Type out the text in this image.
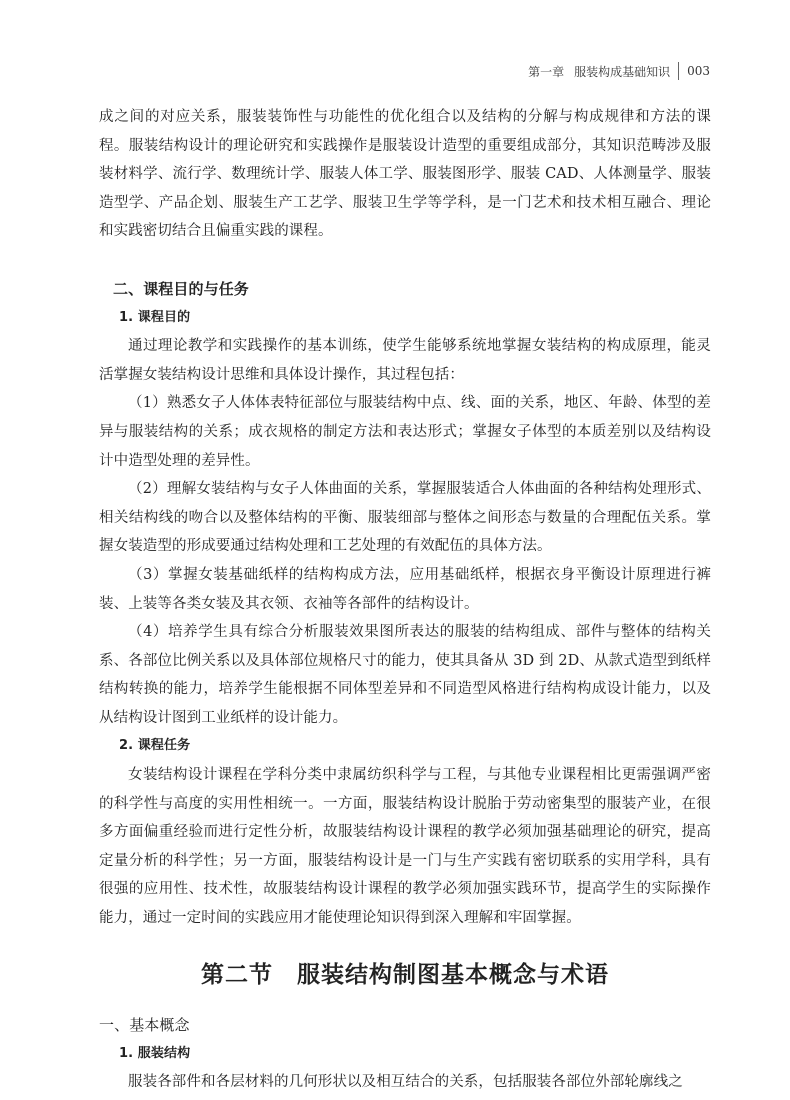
第一章 服装构成基础知识 003

成之间的对应关系，服装装饰性与功能性的优化组合以及结构的分解与构成规律和方法的课程。服装结构设计的理论研究和实践操作是服装设计造型的重要组成部分，其知识范畴涉及服装材料学、流行学、数理统计学、服装人体工学、服装图形学、服装 CAD、人体测量学、服装造型学、产品企划、服装生产工艺学、服装卫生学等学科，是一门艺术和技术相互融合、理论和实践密切结合且偏重实践的课程。

二、课程目的与任务

1. 课程目的

通过理论教学和实践操作的基本训练，使学生能够系统地掌握女装结构的构成原理，能灵活掌握女装结构设计思维和具体设计操作，其过程包括：

（1）熟悉女子人体体表特征部位与服装结构中点、线、面的关系，地区、年龄、体型的差异与服装结构的关系；成衣规格的制定方法和表达形式；掌握女子体型的本质差别以及结构设计中造型处理的差异性。

（2）理解女装结构与女子人体曲面的关系，掌握服装适合人体曲面的各种结构处理形式、相关结构线的吻合以及整体结构的平衡、服装细部与整体之间形态与数量的合理配伍关系。掌握女装造型的形成要通过结构处理和工艺处理的有效配伍的具体方法。

（3）掌握女装基础纸样的结构构成方法，应用基础纸样，根据衣身平衡设计原理进行裤装、上装等各类女装及其衣领、衣袖等各部件的结构设计。

（4）培养学生具有综合分析服装效果图所表达的服装的结构组成、部件与整体的结构关系、各部位比例关系以及具体部位规格尺寸的能力，使其具备从 3D 到 2D、从款式造型到纸样结构转换的能力，培养学生能根据不同体型差异和不同造型风格进行结构构成设计能力，以及从结构设计图到工业纸样的设计能力。

2. 课程任务

女装结构设计课程在学科分类中隶属纺织科学与工程，与其他专业课程相比更需强调严密的科学性与高度的实用性相统一。一方面，服装结构设计脱胎于劳动密集型的服装产业，在很多方面偏重经验而进行定性分析，故服装结构设计课程的教学必须加强基础理论的研究，提高定量分析的科学性；另一方面，服装结构设计是一门与生产实践有密切联系的实用学科，具有很强的应用性、技术性，故服装结构设计课程的教学必须加强实践环节，提高学生的实际操作能力，通过一定时间的实践应用才能使理论知识得到深入理解和牢固掌握。

第二节　服装结构制图基本概念与术语

一、基本概念

1. 服装结构

服装各部件和各层材料的几何形状以及相互结合的关系，包括服装各部位外部轮廓线之
